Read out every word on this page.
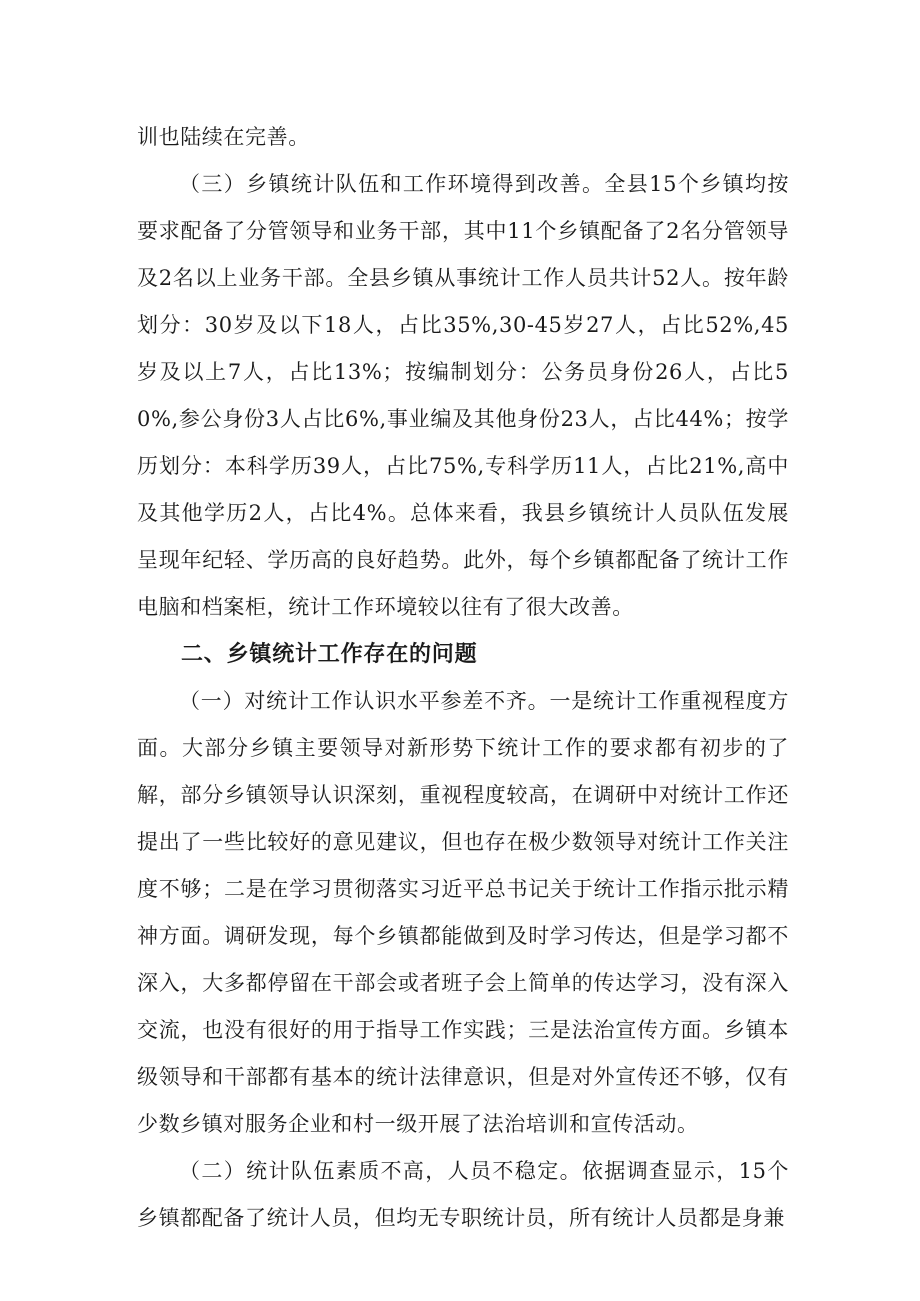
训也陆续在完善。

（三）乡镇统计队伍和工作环境得到改善。全县15个乡镇均按要求配备了分管领导和业务干部，其中11个乡镇配备了2名分管领导及2名以上业务干部。全县乡镇从事统计工作人员共计52人。按年龄划分：30岁及以下18人，占比35%,30-45岁27人，占比52%,45岁及以上7人，占比13%；按编制划分：公务员身份26人，占比50%,参公身份3人占比6%,事业编及其他身份23人，占比44%；按学历划分：本科学历39人，占比75%,专科学历11人，占比21%,高中及其他学历2人，占比4%。总体来看，我县乡镇统计人员队伍发展呈现年纪轻、学历高的良好趋势。此外，每个乡镇都配备了统计工作电脑和档案柜，统计工作环境较以往有了很大改善。

二、乡镇统计工作存在的问题

（一）对统计工作认识水平参差不齐。一是统计工作重视程度方面。大部分乡镇主要领导对新形势下统计工作的要求都有初步的了解，部分乡镇领导认识深刻，重视程度较高，在调研中对统计工作还提出了一些比较好的意见建议，但也存在极少数领导对统计工作关注度不够；二是在学习贯彻落实习近平总书记关于统计工作指示批示精神方面。调研发现，每个乡镇都能做到及时学习传达，但是学习都不深入，大多都停留在干部会或者班子会上简单的传达学习，没有深入交流，也没有很好的用于指导工作实践；三是法治宣传方面。乡镇本级领导和干部都有基本的统计法律意识，但是对外宣传还不够，仅有少数乡镇对服务企业和村一级开展了法治培训和宣传活动。

（二）统计队伍素质不高，人员不稳定。依据调查显示，15个乡镇都配备了统计人员，但均无专职统计员，所有统计人员都是身兼
